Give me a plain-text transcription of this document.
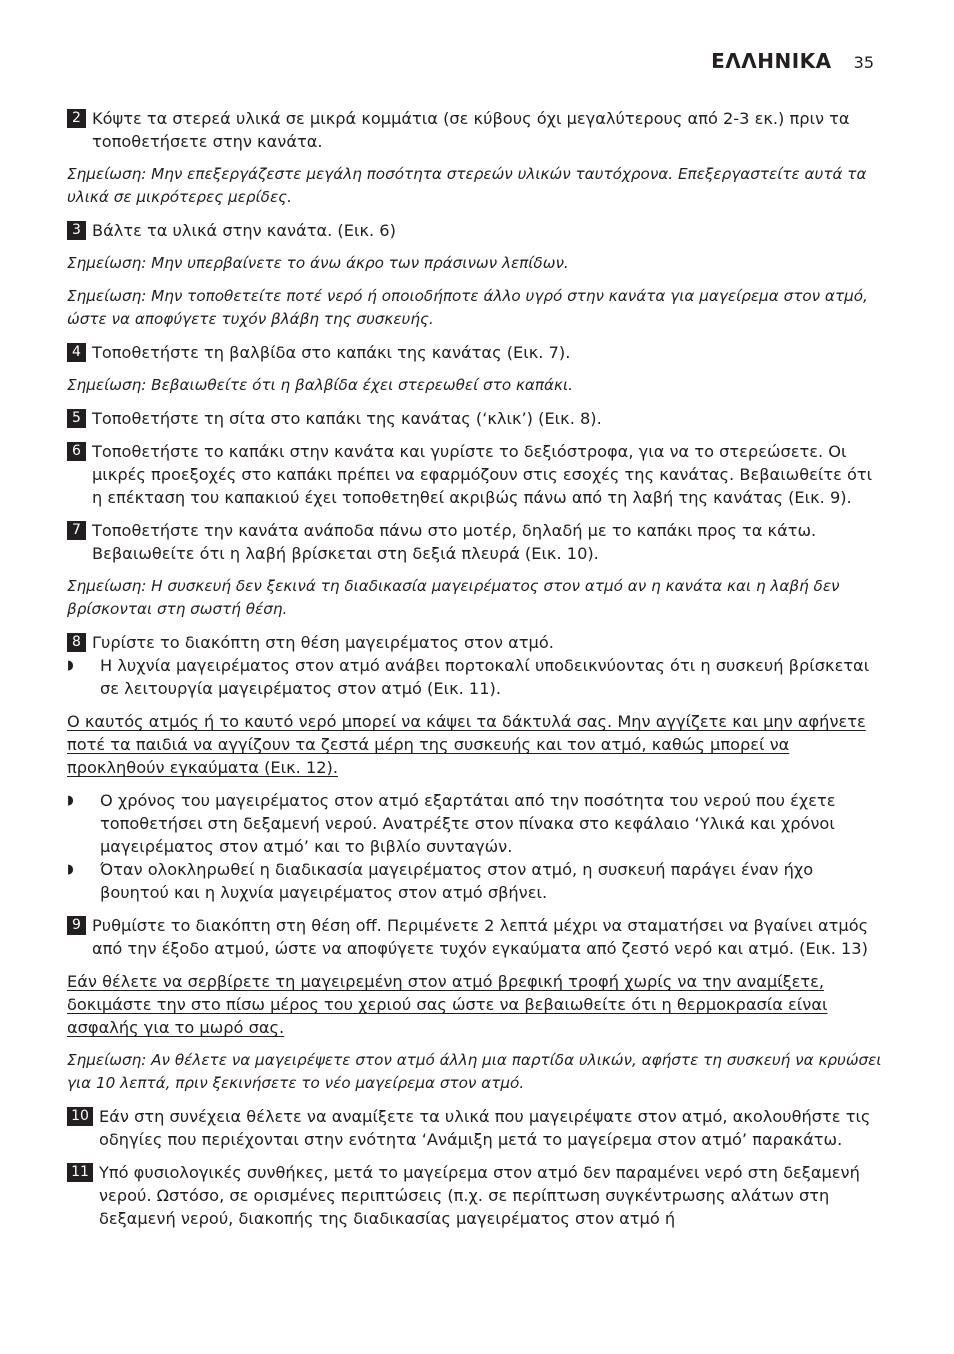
ΕΛΛΗΝΙΚΑ 35
2 Κόψτε τα στερεά υλικά σε μικρά κομμάτια (σε κύβους όχι μεγαλύτερους από 2-3 εκ.) πριν τα τοποθετήσετε στην κανάτα.
Σημείωση: Μην επεξεργάζεστε μεγάλη ποσότητα στερεών υλικών ταυτόχρονα. Επεξεργαστείτε αυτά τα υλικά σε μικρότερες μερίδες.
3 Βάλτε τα υλικά στην κανάτα. (Εικ. 6)
Σημείωση: Μην υπερβαίνετε το άνω άκρο των πράσινων λεπίδων.
Σημείωση: Μην τοποθετείτε ποτέ νερό ή οποιοδήποτε άλλο υγρό στην κανάτα για μαγείρεμα στον ατμό, ώστε να αποφύγετε τυχόν βλάβη της συσκευής.
4 Τοποθετήστε τη βαλβίδα στο καπάκι της κανάτας (Εικ. 7).
Σημείωση: Βεβαιωθείτε ότι η βαλβίδα έχει στερεωθεί στο καπάκι.
5 Τοποθετήστε τη σίτα στο καπάκι της κανάτας (‘κλικ’) (Εικ. 8).
6 Τοποθετήστε το καπάκι στην κανάτα και γυρίστε το δεξιόστροφα, για να το στερεώσετε. Οι μικρές προεξοχές στο καπάκι πρέπει να εφαρμόζουν στις εσοχές της κανάτας. Βεβαιωθείτε ότι η επέκταση του καπακιού έχει τοποθετηθεί ακριβώς πάνω από τη λαβή της κανάτας (Εικ. 9).
7 Τοποθετήστε την κανάτα ανάποδα πάνω στο μοτέρ, δηλαδή με το καπάκι προς τα κάτω. Βεβαιωθείτε ότι η λαβή βρίσκεται στη δεξιά πλευρά (Εικ. 10).
Σημείωση: Η συσκευή δεν ξεκινά τη διαδικασία μαγειρέματος στον ατμό αν η κανάτα και η λαβή δεν βρίσκονται στη σωστή θέση.
8 Γυρίστε το διακόπτη στη θέση μαγειρέματος στον ατμό.
◗	Η λυχνία μαγειρέματος στον ατμό ανάβει πορτοκαλί υποδεικνύοντας ότι η συσκευή βρίσκεται σε λειτουργία μαγειρέματος στον ατμό (Εικ. 11).
Ο καυτός ατμός ή το καυτό νερό μπορεί να κάψει τα δάκτυλά σας. Μην αγγίζετε και μην αφήνετε ποτέ τα παιδιά να αγγίζουν τα ζεστά μέρη της συσκευής και τον ατμό, καθώς μπορεί να προκληθούν εγκαύματα (Εικ. 12).
◗	Ο χρόνος του μαγειρέματος στον ατμό εξαρτάται από την ποσότητα του νερού που έχετε τοποθετήσει στη δεξαμενή νερού. Ανατρέξτε στον πίνακα στο κεφάλαιο ‘Υλικά και χρόνοι μαγειρέματος στον ατμό’ και το βιβλίο συνταγών.
◗	Όταν ολοκληρωθεί η διαδικασία μαγειρέματος στον ατμό, η συσκευή παράγει έναν ήχο βουητού και η λυχνία μαγειρέματος στον ατμό σβήνει.
9 Ρυθμίστε το διακόπτη στη θέση off. Περιμένετε 2 λεπτά μέχρι να σταματήσει να βγαίνει ατμός από την έξοδο ατμού, ώστε να αποφύγετε τυχόν εγκαύματα από ζεστό νερό και ατμό. (Εικ. 13)
Εάν θέλετε να σερβίρετε τη μαγειρεμένη στον ατμό βρεφική τροφή χωρίς να την αναμίξετε, δοκιμάστε την στο πίσω μέρος του χεριού σας ώστε να βεβαιωθείτε ότι η θερμοκρασία είναι ασφαλής για το μωρό σας.
Σημείωση: Αν θέλετε να μαγειρέψετε στον ατμό άλλη μια παρτίδα υλικών, αφήστε τη συσκευή να κρυώσει για 10 λεπτά, πριν ξεκινήσετε το νέο μαγείρεμα στον ατμό.
10 Εάν στη συνέχεια θέλετε να αναμίξετε τα υλικά που μαγειρέψατε στον ατμό, ακολουθήστε τις οδηγίες που περιέχονται στην ενότητα ‘Ανάμιξη μετά το μαγείρεμα στον ατμό’ παρακάτω.
11 Υπό φυσιολογικές συνθήκες, μετά το μαγείρεμα στον ατμό δεν παραμένει νερό στη δεξαμενή νερού. Ωστόσο, σε ορισμένες περιπτώσεις (π.χ. σε περίπτωση συγκέντρωσης αλάτων στη δεξαμενή νερού, διακοπής της διαδικασίας μαγειρέματος στον ατμό ή
